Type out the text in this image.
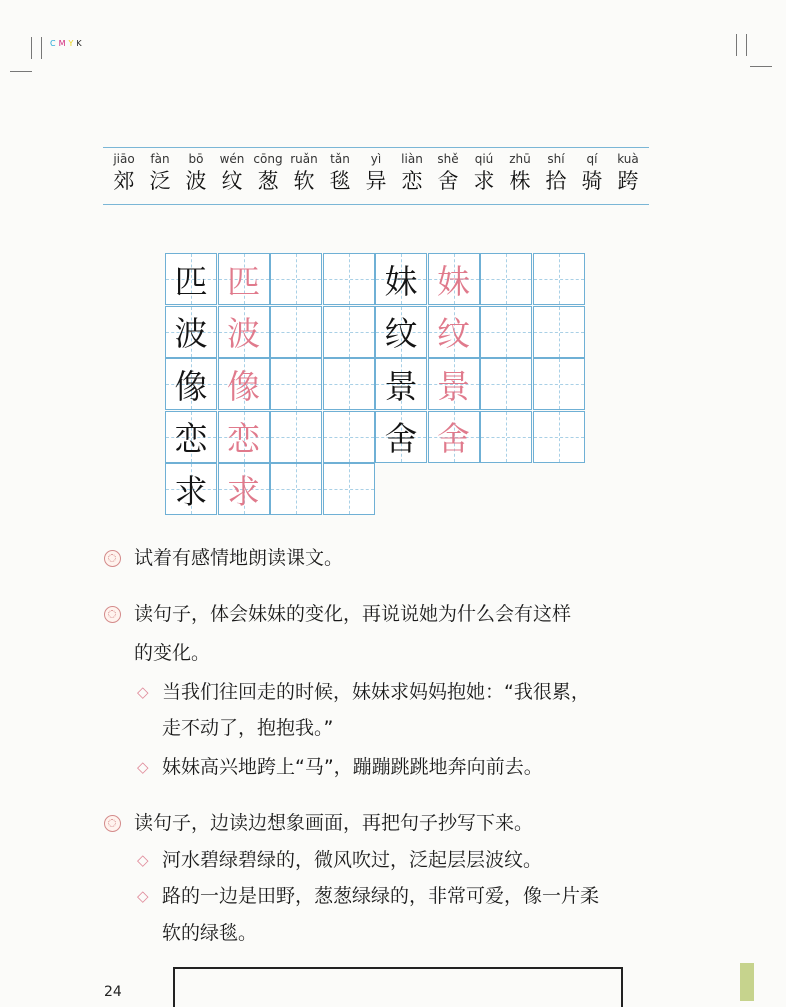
CMYK
jiāo
郊
fàn
泛
bō
波
wén
纹
cōng
葱
ruǎn
软
tǎn
毯
yì
异
liàn
恋
shě
舍
qiú
求
zhū
株
shí
拾
qí
骑
kuà
跨
匹 匹
波 波
像 像
恋 恋
求 求
妹 妹
纹 纹
景 景
舍 舍
试着有感情地朗读课文。
读句子，体会妹妹的变化，再说说她为什么会有这样
的变化。
◇ 当我们往回走的时候，妹妹求妈妈抱她：“我很累，
走不动了，抱抱我。”
◇ 妹妹高兴地跨上“马”，蹦蹦跳跳地奔向前去。
读句子，边读边想象画面，再把句子抄写下来。
◇ 河水碧绿碧绿的，微风吹过，泛起层层波纹。
◇ 路的一边是田野，葱葱绿绿的，非常可爱，像一片柔
软的绿毯。
24
